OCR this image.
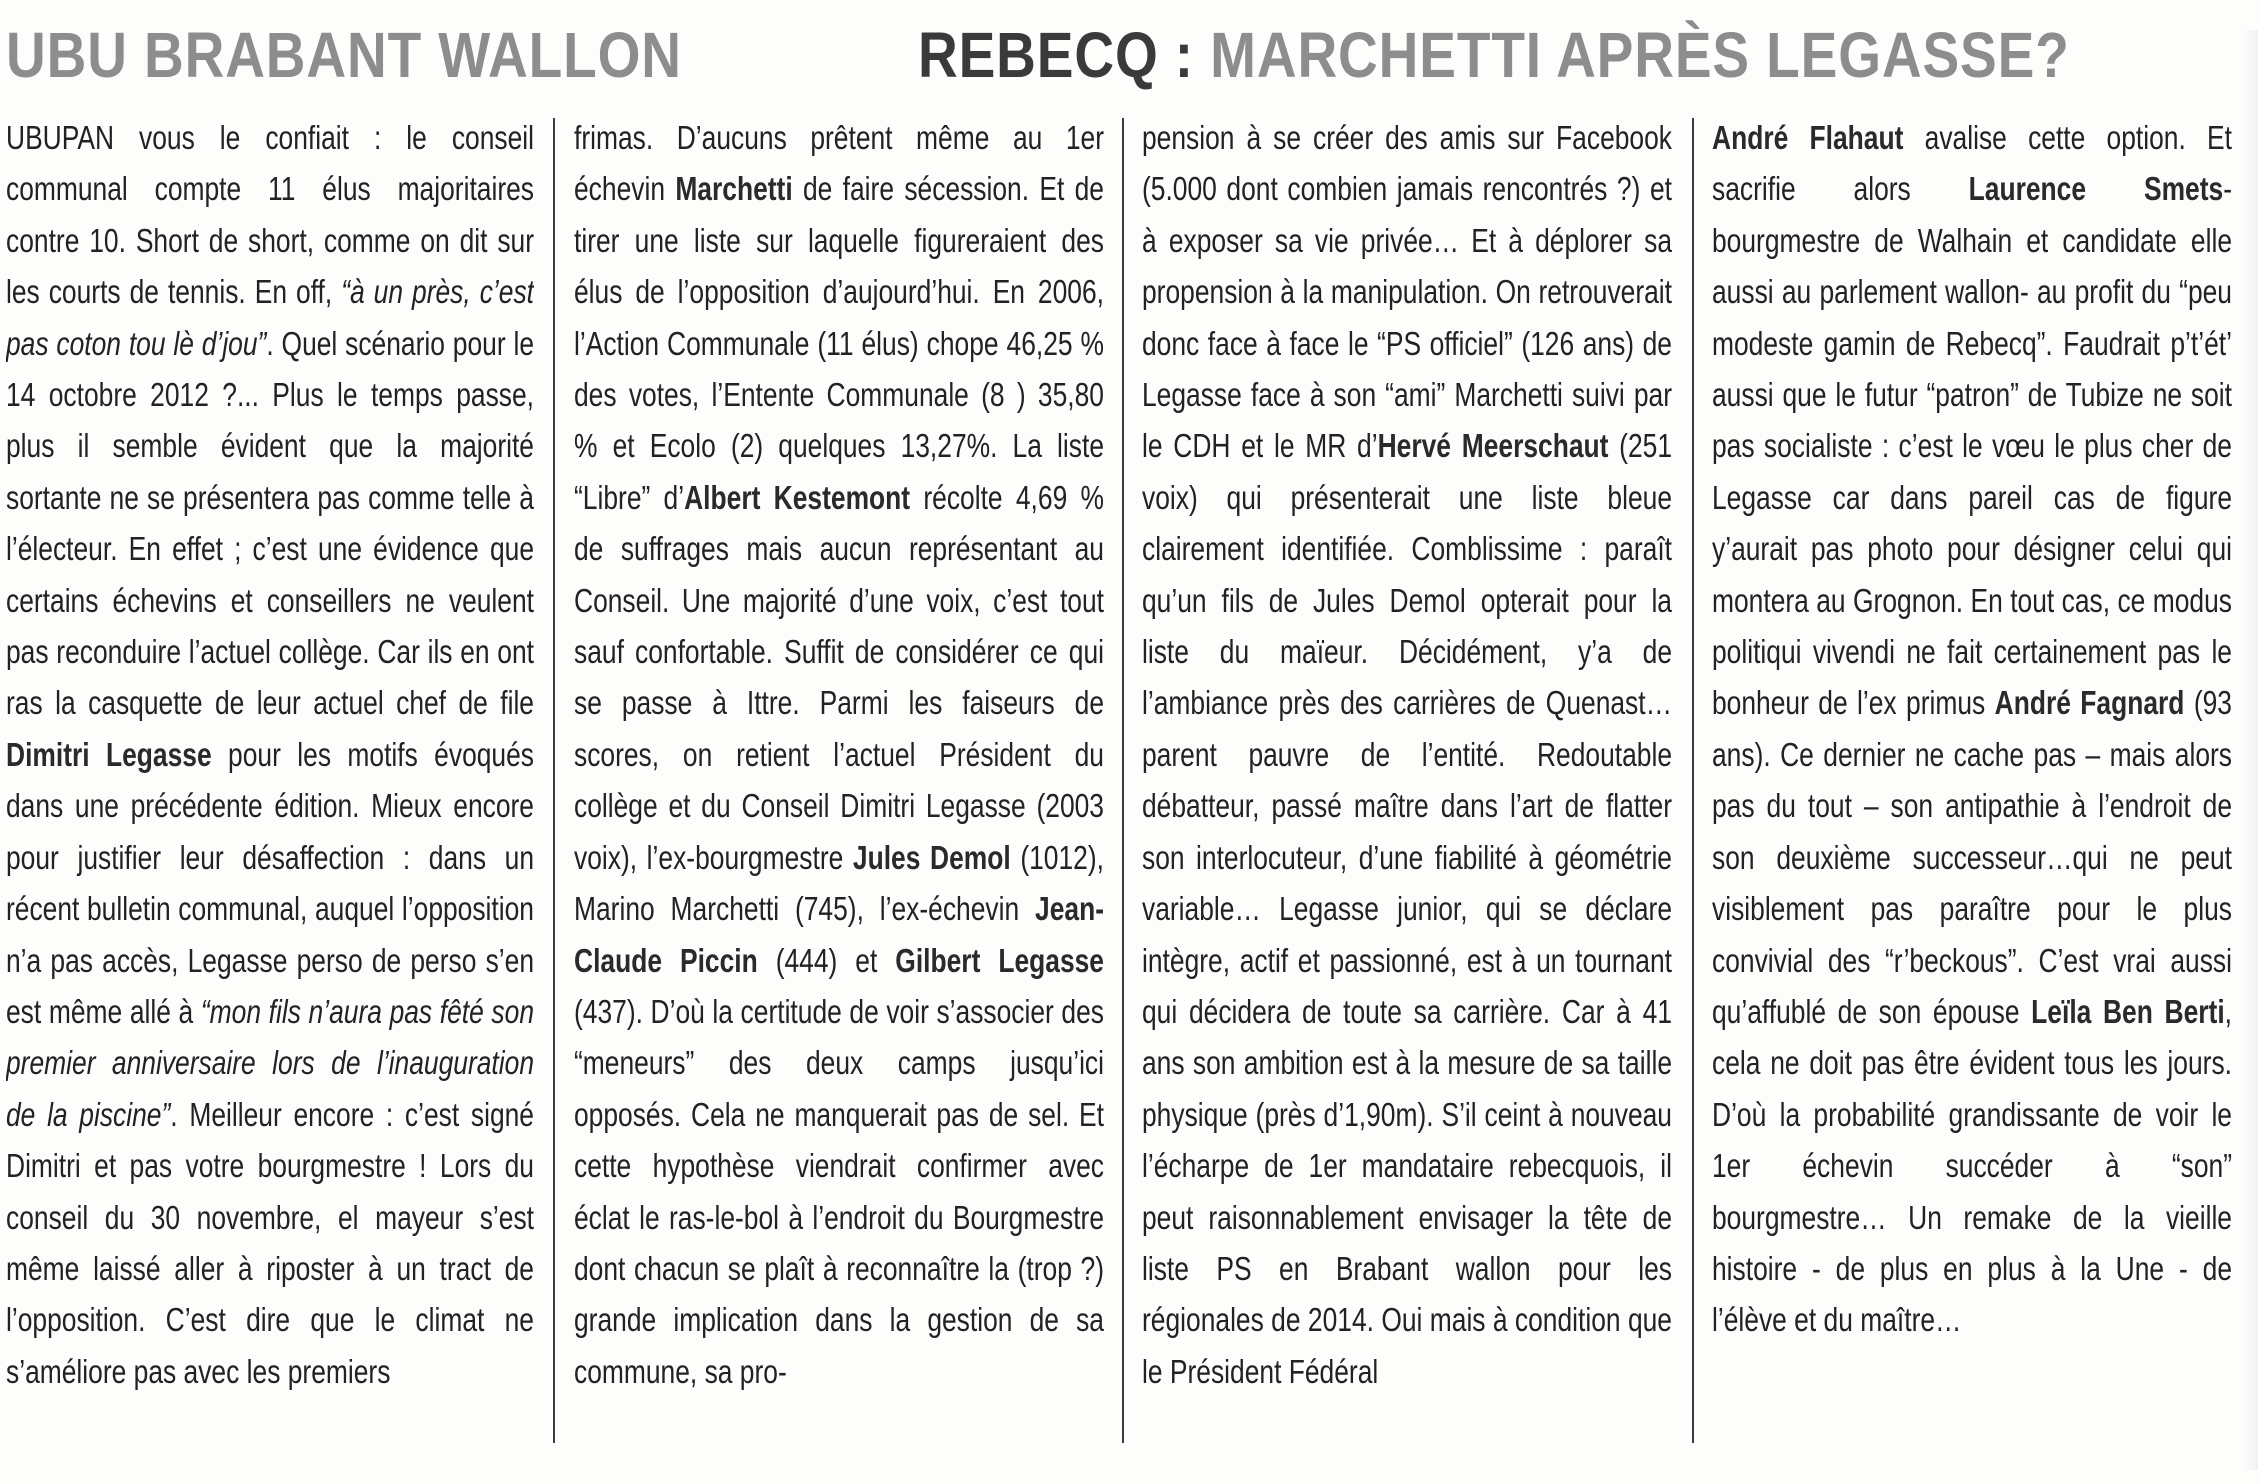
UBU BRABANT WALLON	REBECQ : MARCHETTI APRÈS LEGASSE?

UBUPAN vous le confiait : le conseil communal compte 11 élus majoritaires contre 10. Short de short, comme on dit sur les courts de tennis. En off, “à un près, c’est pas coton tou lè d’jou”. Quel scénario pour le 14 octobre 2012 ?... Plus le temps passe, plus il semble évident que la majorité sortante ne se présentera pas comme telle à l’électeur. En effet ; c’est une évidence que certains échevins et conseillers ne veulent pas reconduire l’actuel collège. Car ils en ont ras la casquette de leur actuel chef de file Dimitri Legasse pour les motifs évoqués dans une précédente édition. Mieux encore pour justifier leur désaffection : dans un récent bulletin communal, auquel l’opposition n’a pas accès, Legasse perso de perso s’en est même allé à “mon fils n’aura pas fêté son premier anniversaire lors de l’inauguration de la piscine”. Meilleur encore : c’est signé Dimitri et pas votre bourgmestre ! Lors du conseil du 30 novembre, el mayeur s’est même laissé aller à riposter à un tract de l’opposition. C’est dire que le climat ne s’améliore pas avec les premiers

frimas. D’aucuns prêtent même au 1er échevin Marchetti de faire sécession. Et de tirer une liste sur laquelle figureraient des élus de l’opposition d’aujourd’hui. En 2006, l’Action Communale (11 élus) chope 46,25 % des votes, l’Entente Communale (8 ) 35,80 % et Ecolo (2) quelques 13,27%. La liste “Libre” d’Albert Kestemont récolte 4,69 % de suffrages mais aucun représentant au Conseil. Une majorité d’une voix, c’est tout sauf confortable. Suffit de considérer ce qui se passe à Ittre. Parmi les faiseurs de scores, on retient l’actuel Président du collège et du Conseil Dimitri Legasse (2003 voix), l’ex-bourgmestre Jules Demol (1012), Marino Marchetti (745), l’ex-échevin Jean-Claude Piccin (444) et Gilbert Legasse (437). D’où la certitude de voir s’associer des “meneurs” des deux camps jusqu’ici opposés. Cela ne manquerait pas de sel. Et cette hypothèse viendrait confirmer avec éclat le ras-le-bol à l’endroit du Bourgmestre dont chacun se plaît à reconnaître la (trop ?) grande implication dans la gestion de sa commune, sa pro-

pension à se créer des amis sur Facebook (5.000 dont combien jamais rencontrés ?) et à exposer sa vie privée… Et à déplorer sa propension à la manipulation. On retrouverait donc face à face le “PS officiel” (126 ans) de Legasse face à son “ami” Marchetti suivi par le CDH et le MR d’Hervé Meerschaut (251 voix) qui présenterait une liste bleue clairement identifiée. Comblissime : paraît qu’un fils de Jules Demol opterait pour la liste du maïeur. Décidément, y’a de l’ambiance près des carrières de Quenast… parent pauvre de l’entité. Redoutable débatteur, passé maître dans l’art de flatter son interlocuteur, d’une fiabilité à géométrie variable… Legasse junior, qui se déclare intègre, actif et passionné, est à un tournant qui décidera de toute sa carrière. Car à 41 ans son ambition est à la mesure de sa taille physique (près d’1,90m). S’il ceint à nouveau l’écharpe de 1er mandataire rebecquois, il peut raisonnablement envisager la tête de liste PS en Brabant wallon pour les régionales de 2014. Oui mais à condition que le Président Fédéral

André Flahaut avalise cette option. Et sacrifie alors Laurence Smets- bourgmestre de Walhain et candidate elle aussi au parlement wallon- au profit du “peu modeste gamin de Rebecq”. Faudrait p’t’ét’ aussi que le futur “patron” de Tubize ne soit pas socialiste : c’est le vœu le plus cher de Legasse car dans pareil cas de figure y’aurait pas photo pour désigner celui qui montera au Grognon. En tout cas, ce modus politiqui vivendi ne fait certainement pas le bonheur de l’ex primus André Fagnard (93 ans). Ce dernier ne cache pas – mais alors pas du tout – son antipathie à l’endroit de son deuxième successeur…qui ne peut visiblement pas paraître pour le plus convivial des “r’beckous”. C’est vrai aussi qu’affublé de son épouse Leïla Ben Berti, cela ne doit pas être évident tous les jours. D’où la probabilité grandissante de voir le 1er échevin succéder à “son” bourgmestre… Un remake de la vieille histoire - de plus en plus à la Une - de l’élève et du maître…
